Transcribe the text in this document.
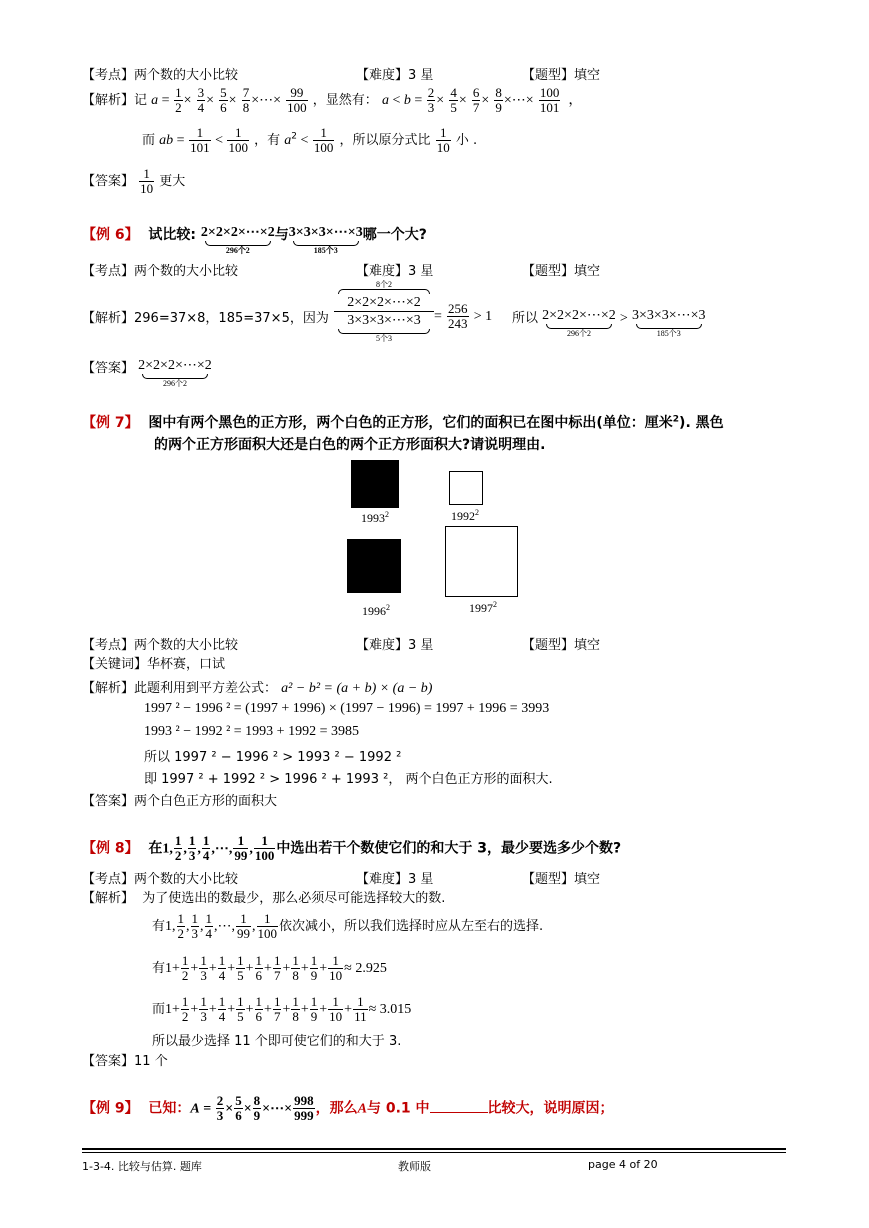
【考点】两个数的大小比较	【难度】3 星	【题型】填空
【解析】记 $a = \frac{1}{2} \times \frac{3}{4} \times \frac{5}{6} \times \frac{7}{8}$ ×⋯× $\frac{99}{100}$ ，显然有： $a < b = \frac{2}{3} \times \frac{4}{5} \times \frac{6}{7} \times \frac{8}{9}$ ×⋯× $\frac{100}{101}$ ，
而 ab = $\frac{1}{101} < \frac{1}{100}$ ，有 $a^2 < \frac{1}{100}$ ，所以原分式比 $\frac{1}{10}$ 小 .
【答案】 $\frac{1}{10}$ 更大
【例 6】 试比较: 2×2×2×⋯×2
296个2
与3×3×3×⋯×3
185个3
哪一个大?
【考点】两个数的大小比较	【难度】3 星	【题型】填空
【解析】296=37×8，185=37×5，因为
8个2
2×2×2×⋯×2
3×3×3×⋯×3
5个3
= $\frac{256}{243} > 1$ 所以 2×2×2×⋯×2
296个2
> 3×3×3×⋯×3
185个3
【答案】 2×2×2×⋯×2
296个2
【例 7】 图中有两个黑色的正方形，两个白色的正方形，它们的面积已在图中标出(单位：厘米$^2$). 黑色
的两个正方形面积大还是白色的两个正方形面积大?请说明理由.
1993$^2$	1992$^2$
1996$^2$	1997$^2$
【考点】两个数的大小比较	【难度】3 星	【题型】填空
【关键词】华杯赛，口试
【解析】此题利用到平方差公式： a² − b² = (a + b) × (a − b)
1997 ² − 1996 ² = (1997 + 1996) × (1997 − 1996) = 1997 + 1996 = 3993
1993 ² − 1992 ² = 1993 + 1992 = 3985
所以 1997 ² − 1996 ² > 1993 ² − 1992 ²
即 1997 ² + 1992 ² > 1996 ² + 1993 ²， 两个白色正方形的面积大.
【答案】两个白色正方形的面积大
【例 8】 在1, $\frac{1}{2}$ , $\frac{1}{3}$ , $\frac{1}{4}$ ,⋯, $\frac{1}{99}$ , $\frac{1}{100}$ 中选出若干个数使它们的和大于 3，最少要选多少个数?
【考点】两个数的大小比较	【难度】3 星	【题型】填空
【解析】 为了使选出的数最少，那么必须尽可能选择较大的数.
有1, $\frac{1}{2}$ , $\frac{1}{3}$ , $\frac{1}{4}$ ,⋯, $\frac{1}{99}$ , $\frac{1}{100}$ 依次减小，所以我们选择时应从左至右的选择.
有$1+ \frac{1}{2} + \frac{1}{3} + \frac{1}{4} + \frac{1}{5} + \frac{1}{6} + \frac{1}{7} + \frac{1}{8} + \frac{1}{9} + \frac{1}{10} \approx 2.925$
而$1+ \frac{1}{2} + \frac{1}{3} + \frac{1}{4} + \frac{1}{5} + \frac{1}{6} + \frac{1}{7} + \frac{1}{8} + \frac{1}{9} + \frac{1}{10} + \frac{1}{11} \approx 3.015$
所以最少选择 11 个即可使它们的和大于 3.
【答案】11 个
【例 9】 已知：$A = \frac{2}{3} \times \frac{5}{6} \times \frac{8}{9}$ ×⋯× $\frac{998}{999}$ ，那么A与 0.1 中	比较大，说明原因；
1-3-4. 比较与估算. 题库	教师版	page 4 of 20
